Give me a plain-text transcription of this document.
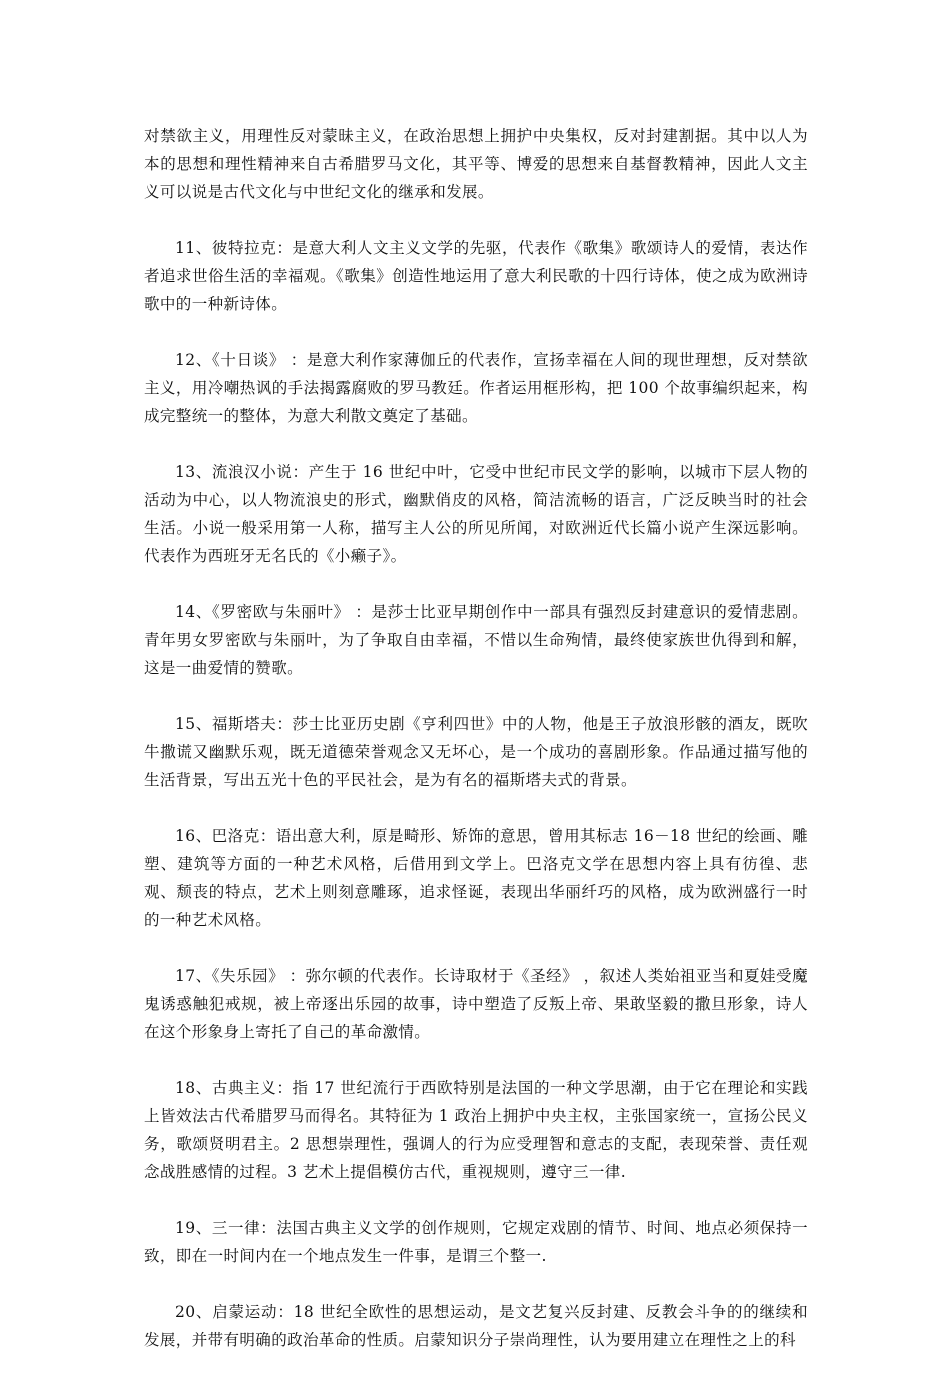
对禁欲主义，用理性反对蒙昧主义，在政治思想上拥护中央集权，反对封建割据。其中以人为本的思想和理性精神来自古希腊罗马文化，其平等、博爱的思想来自基督教精神，因此人文主义可以说是古代文化与中世纪文化的继承和发展。

11、彼特拉克：是意大利人文主义文学的先驱，代表作《歌集》歌颂诗人的爱情，表达作者追求世俗生活的幸福观。《歌集》创造性地运用了意大利民歌的十四行诗体，使之成为欧洲诗歌中的一种新诗体。

12、《十日谈》 ：是意大利作家薄伽丘的代表作，宣扬幸福在人间的现世理想，反对禁欲主义，用冷嘲热讽的手法揭露腐败的罗马教廷。作者运用框形构，把 100 个故事编织起来，构成完整统一的整体，为意大利散文奠定了基础。

13、流浪汉小说：产生于 16 世纪中叶，它受中世纪市民文学的影响，以城市下层人物的活动为中心，以人物流浪史的形式，幽默俏皮的风格，简洁流畅的语言，广泛反映当时的社会生活。小说一般采用第一人称，描写主人公的所见所闻，对欧洲近代长篇小说产生深远影响。代表作为西班牙无名氏的《小癞子》。

14、《罗密欧与朱丽叶》 ：是莎士比亚早期创作中一部具有强烈反封建意识的爱情悲剧。青年男女罗密欧与朱丽叶，为了争取自由幸福，不惜以生命殉情，最终使家族世仇得到和解，这是一曲爱情的赞歌。

15、福斯塔夫：莎士比亚历史剧《亨利四世》中的人物，他是王子放浪形骸的酒友，既吹牛撒谎又幽默乐观，既无道德荣誉观念又无坏心，是一个成功的喜剧形象。作品通过描写他的生活背景，写出五光十色的平民社会，是为有名的福斯塔夫式的背景。

16、巴洛克：语出意大利，原是畸形、矫饰的意思，曾用其标志 16－18 世纪的绘画、雕塑、建筑等方面的一种艺术风格，后借用到文学上。巴洛克文学在思想内容上具有彷徨、悲观、颓丧的特点，艺术上则刻意雕琢，追求怪诞，表现出华丽纤巧的风格，成为欧洲盛行一时的一种艺术风格。

17、《失乐园》 ：弥尔顿的代表作。长诗取材于《圣经》 ，叙述人类始祖亚当和夏娃受魔鬼诱惑触犯戒规，被上帝逐出乐园的故事，诗中塑造了反叛上帝、果敢坚毅的撒旦形象，诗人在这个形象身上寄托了自己的革命激情。

18、古典主义：指 17 世纪流行于西欧特别是法国的一种文学思潮，由于它在理论和实践上皆效法古代希腊罗马而得名。其特征为 1 政治上拥护中央主权，主张国家统一，宣扬公民义务，歌颂贤明君主。2 思想崇理性，强调人的行为应受理智和意志的支配，表现荣誉、责任观念战胜感情的过程。3 艺术上提倡模仿古代，重视规则，遵守三一律.

19、三一律：法国古典主义文学的创作规则，它规定戏剧的情节、时间、地点必须保持一致，即在一时间内在一个地点发生一件事，是谓三个整一.

20、启蒙运动：18 世纪全欧性的思想运动，是文艺复兴反封建、反教会斗争的的继续和发展，并带有明确的政治革命的性质。启蒙知识分子崇尚理性，认为要用建立在理性之上的科
